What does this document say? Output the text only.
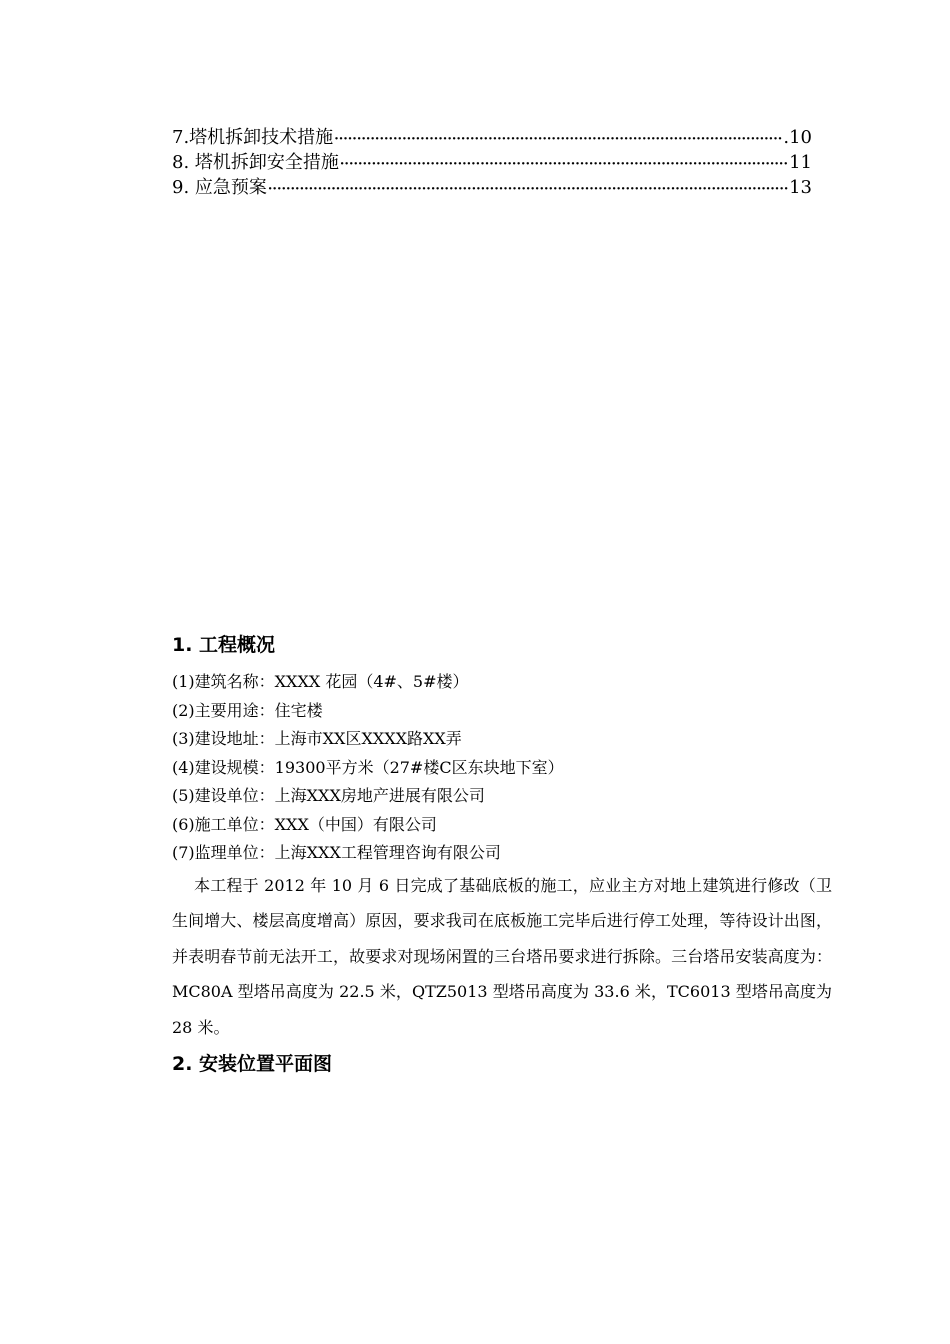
7.塔机拆卸技术措施 ·····	.10
8. 塔机拆卸安全措施 ·····	11
9. 应急预案 ·····	13
1. 工程概况
(1)建筑名称：XXXX 花园（4#、5#楼）
(2)主要用途：住宅楼
(3)建设地址：上海市XX区XXXX路XX弄
(4)建设规模：19300平方米（27#楼C区东块地下室）
(5)建设单位：上海XXX房地产进展有限公司
(6)施工单位：XXX（中国）有限公司
(7)监理单位：上海XXX工程管理咨询有限公司

本工程于 2012 年 10 月 6 日完成了基础底板的施工，应业主方对地上建筑进行修改（卫生间增大、楼层高度增高）原因，要求我司在底板施工完毕后进行停工处理，等待设计出图，并表明春节前无法开工，故要求对现场闲置的三台塔吊要求进行拆除。三台塔吊安装高度为：MC80A 型塔吊高度为 22.5 米，QTZ5013 型塔吊高度为 33.6 米，TC6013 型塔吊高度为 28 米。

2. 安装位置平面图
